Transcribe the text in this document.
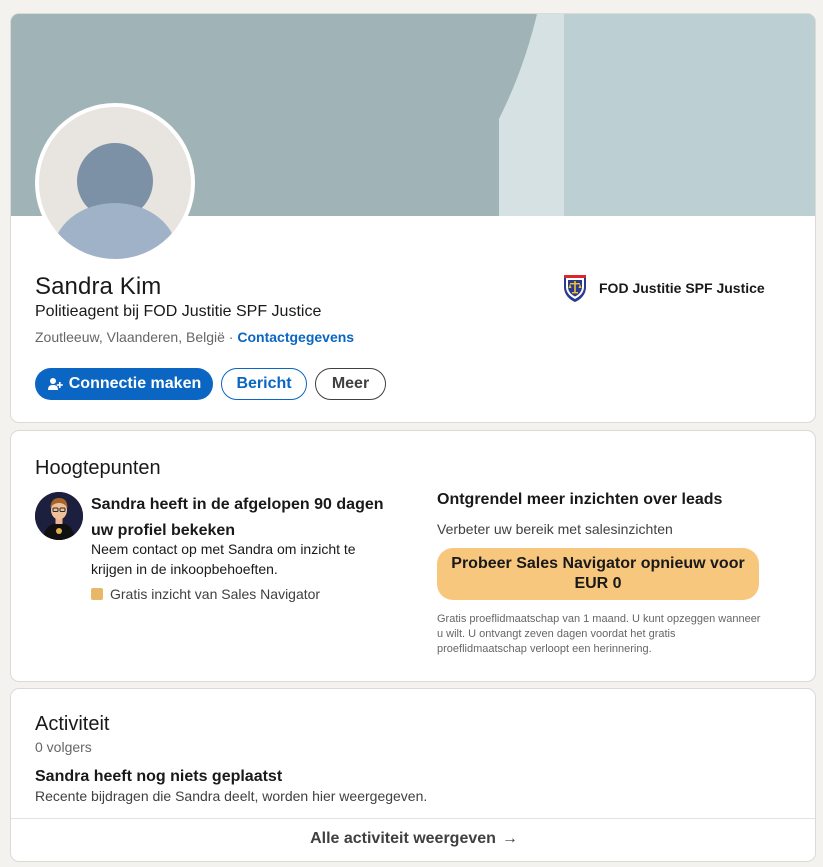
Sandra Kim
Politieagent bij FOD Justitie SPF Justice
Zoutleeuw, Vlaanderen, België · Contactgegevens
FOD Justitie SPF Justice
Connectie maken	Bericht	Meer
Hoogtepunten
Sandra heeft in de afgelopen 90 dagen uw profiel bekeken
Neem contact op met Sandra om inzicht te krijgen in de inkoopbehoeften.
Gratis inzicht van Sales Navigator
Ontgrendel meer inzichten over leads
Verbeter uw bereik met salesinzichten
Probeer Sales Navigator opnieuw voor EUR 0
Gratis proeflidmaatschap van 1 maand. U kunt opzeggen wanneer u wilt. U ontvangt zeven dagen voordat het gratis proeflidmaatschap verloopt een herinnering.
Activiteit
0 volgers
Sandra heeft nog niets geplaatst
Recente bijdragen die Sandra deelt, worden hier weergegeven.
Alle activiteit weergeven →
